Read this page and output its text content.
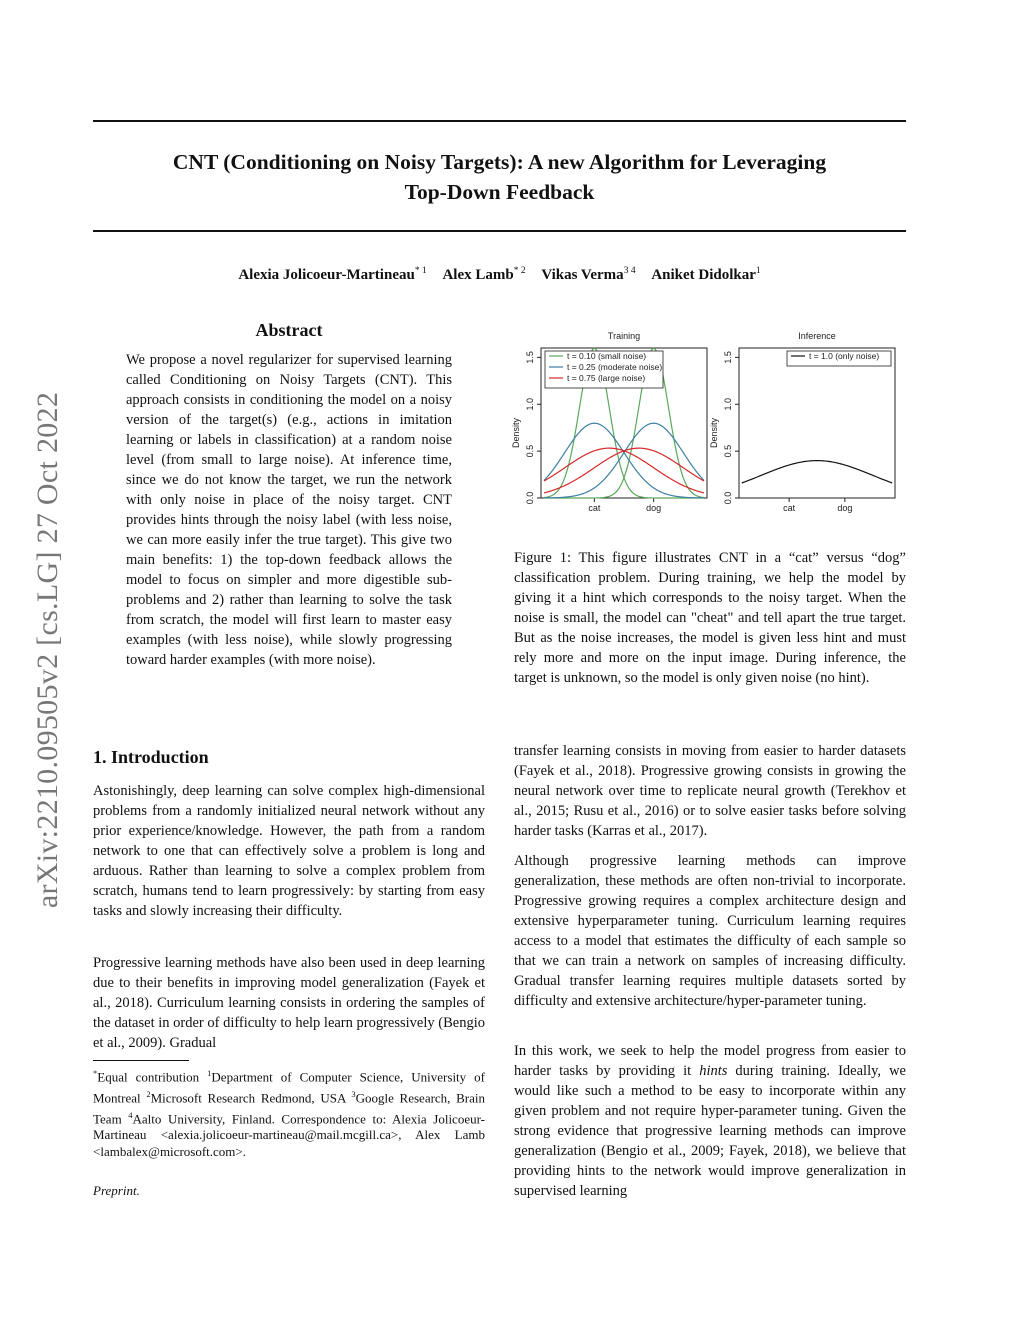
CNT (Conditioning on Noisy Targets): A new Algorithm for Leveraging
Top-Down Feedback
Alexia Jolicoeur-Martineau$^{* 1}$ Alex Lamb$^{* 2}$ Vikas Verma$^{3 4}$ Aniket Didolkar$^1$
arXiv:2210.09505v2 [cs.LG] 27 Oct 2022
Abstract

We propose a novel regularizer for supervised learning called Conditioning on Noisy Targets (CNT). This approach consists in conditioning the model on a noisy version of the target(s) (e.g., actions in imitation learning or labels in classification) at a random noise level (from small to large noise). At inference time, since we do not know the target, we run the network with only noise in place of the noisy target. CNT provides hints through the noisy label (with less noise, we can more easily infer the true target). This give two main benefits: 1) the top-down feedback allows the model to focus on simpler and more digestible sub-problems and 2) rather than learning to solve the task from scratch, the model will first learn to master easy examples (with less noise), while slowly progressing toward harder examples (with more noise).

Training
0.0
0.5
1.0
1.5
Density
cat	dog
t = 0.10 (small noise)
t = 0.25 (moderate noise)
t = 0.75 (large noise)
Inference
0.0
0.5
1.0
1.5
Density
cat	dog
t = 1.0 (only noise)

Figure 1: This figure illustrates CNT in a “cat” versus “dog” classification problem. During training, we help the model by giving it a hint which corresponds to the noisy target. When the noise is small, the model can "cheat" and tell apart the true target. But as the noise increases, the model is given less hint and must rely more and more on the input image. During inference, the target is unknown, so the model is only given noise (no hint).

1. Introduction

Astonishingly, deep learning can solve complex high-dimensional problems from a randomly initialized neural network without any prior experience/knowledge. However, the path from a random network to one that can effectively solve a problem is long and arduous. Rather than learning to solve a complex problem from scratch, humans tend to learn progressively: by starting from easy tasks and slowly increasing their difficulty.

Progressive learning methods have also been used in deep learning due to their benefits in improving model generalization (Fayek et al., 2018). Curriculum learning consists in ordering the samples of the dataset in order of difficulty to help learn progressively (Bengio et al., 2009). Gradual

*Equal contribution $^1$Department of Computer Science, University of Montreal $^2$Microsoft Research Redmond, USA $^3$Google Research, Brain Team $^4$Aalto University, Finland. Correspondence to: Alexia Jolicoeur-Martineau <alexia.jolicoeur-martineau@mail.mcgill.ca>, Alex Lamb <lambalex@microsoft.com>.

Preprint.

transfer learning consists in moving from easier to harder datasets (Fayek et al., 2018). Progressive growing consists in growing the neural network over time to replicate neural growth (Terekhov et al., 2015; Rusu et al., 2016) or to solve easier tasks before solving harder tasks (Karras et al., 2017).

Although progressive learning methods can improve generalization, these methods are often non-trivial to incorporate. Progressive growing requires a complex architecture design and extensive hyperparameter tuning. Curriculum learning requires access to a model that estimates the difficulty of each sample so that we can train a network on samples of increasing difficulty. Gradual transfer learning requires multiple datasets sorted by difficulty and extensive architecture/hyper-parameter tuning.

In this work, we seek to help the model progress from easier to harder tasks by providing it hints during training. Ideally, we would like such a method to be easy to incorporate within any given problem and not require hyper-parameter tuning. Given the strong evidence that progressive learning methods can improve generalization (Bengio et al., 2009; Fayek, 2018), we believe that providing hints to the network would improve generalization in supervised learning
